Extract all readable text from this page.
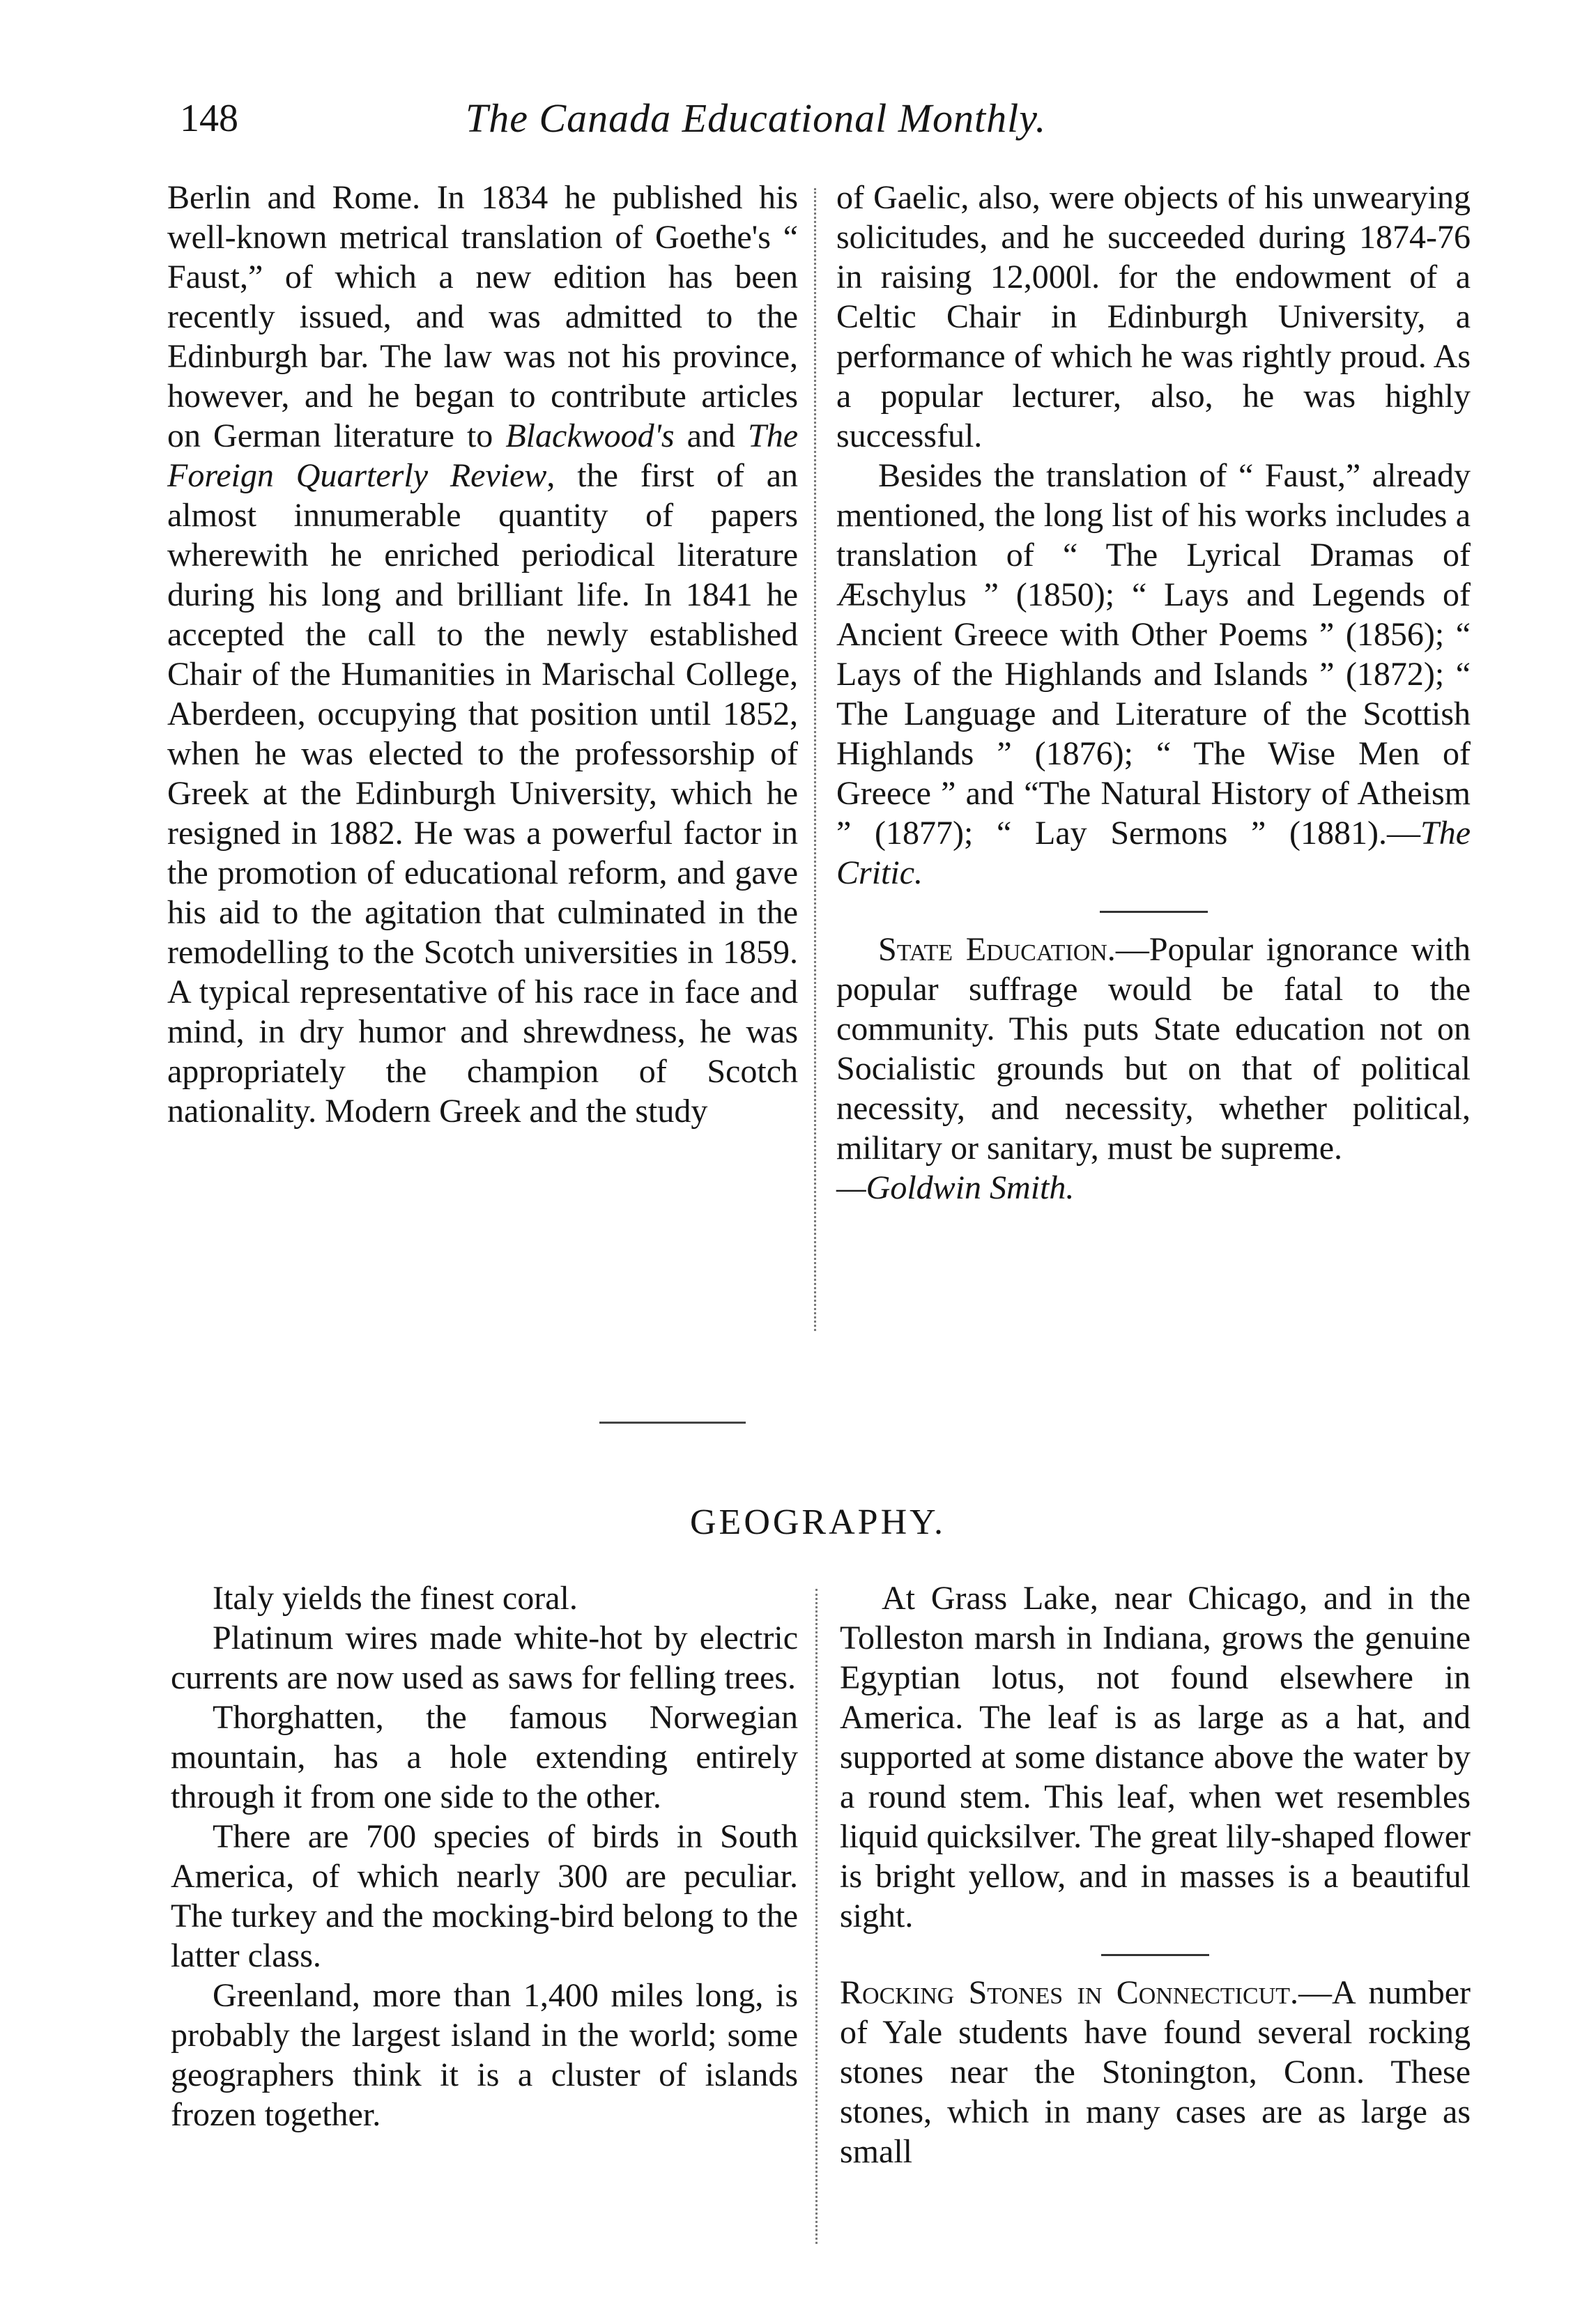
148	The Canada Educational Monthly.

Berlin and Rome. In 1834 he published his well-known metrical translation of Goethe's “ Faust,” of which a new edition has been recently issued, and was admitted to the Edinburgh bar. The law was not his province, however, and he began to contribute articles on German literature to Blackwood's and The Foreign Quarterly Review, the first of an almost innumerable quantity of papers wherewith he enriched periodical literature during his long and brilliant life. In 1841 he accepted the call to the newly established Chair of the Humanities in Marischal College, Aberdeen, occupying that position until 1852, when he was elected to the professorship of Greek at the Edinburgh University, which he resigned in 1882. He was a powerful factor in the promotion of educational reform, and gave his aid to the agitation that culminated in the remodelling to the Scotch universities in 1859. A typical representative of his race in face and mind, in dry humor and shrewdness, he was appropriately the champion of Scotch nationality. Modern Greek and the study

of Gaelic, also, were objects of his unwearying solicitudes, and he succeeded during 1874-76 in raising 12,000l. for the endowment of a Celtic Chair in Edinburgh University, a performance of which he was rightly proud. As a popular lecturer, also, he was highly successful.

Besides the translation of “ Faust,” already mentioned, the long list of his works includes a translation of “ The Lyrical Dramas of Æschylus ” (1850); “ Lays and Legends of Ancient Greece with Other Poems ” (1856); “ Lays of the Highlands and Islands ” (1872); “ The Language and Literature of the Scottish Highlands ” (1876); “ The Wise Men of Greece ” and “The Natural History of Atheism ” (1877); “ Lay Sermons ” (1881).—The Critic.

State Education.—Popular ignorance with popular suffrage would be fatal to the community. This puts State education not on Socialistic grounds but on that of political necessity, and necessity, whether political, military or sanitary, must be supreme.

—Goldwin Smith.

GEOGRAPHY.

Italy yields the finest coral.

Platinum wires made white-hot by electric currents are now used as saws for felling trees.

Thorghatten, the famous Norwegian mountain, has a hole extending entirely through it from one side to the other.

There are 700 species of birds in South America, of which nearly 300 are peculiar. The turkey and the mocking-bird belong to the latter class.

Greenland, more than 1,400 miles long, is probably the largest island in the world; some geographers think it is a cluster of islands frozen together.

At Grass Lake, near Chicago, and in the Tolleston marsh in Indiana, grows the genuine Egyptian lotus, not found elsewhere in America. The leaf is as large as a hat, and supported at some distance above the water by a round stem. This leaf, when wet resembles liquid quicksilver. The great lily-shaped flower is bright yellow, and in masses is a beautiful sight.

Rocking Stones in Connecticut.—A number of Yale students have found several rocking stones near the Stonington, Conn. These stones, which in many cases are as large as small
